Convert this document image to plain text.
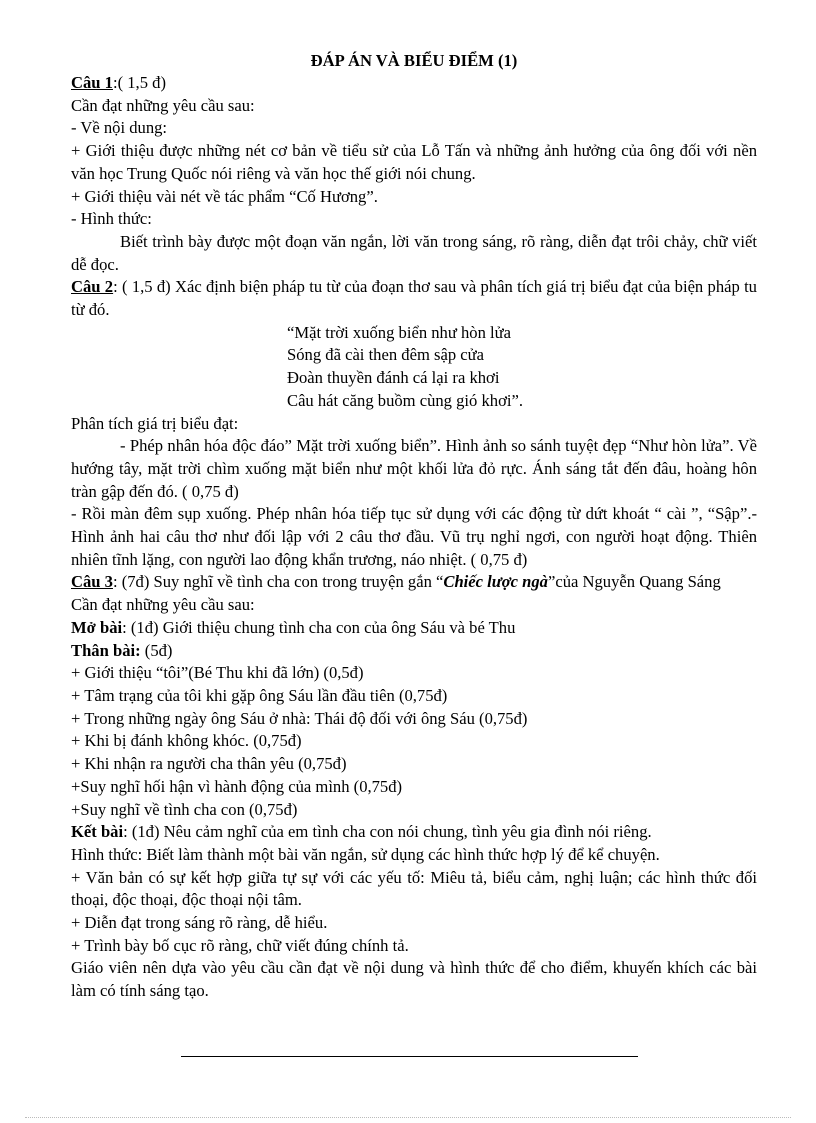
ĐÁP ÁN VÀ BIỂU ĐIỂM (1)

Câu 1:( 1,5 đ)

Cần đạt những yêu cầu sau:

- Về nội dung:

+ Giới thiệu được những nét cơ bản về tiểu sử của Lỗ Tấn và những ảnh hưởng của ông đối với nền văn học Trung Quốc nói riêng và văn học thế giới nói chung.

+ Giới thiệu vài nét về tác phẩm “Cố Hương”.

- Hình thức:

Biết trình bày được một đoạn văn ngắn, lời văn trong sáng, rõ ràng, diễn đạt trôi chảy, chữ viết dễ đọc.

Câu 2: ( 1,5 đ) Xác định biện pháp tu từ của đoạn thơ sau và phân tích giá trị biểu đạt của biện pháp tu từ đó.

“Mặt trời xuống biển như hòn lửa

Sóng đã cài then đêm sập cửa

Đoàn thuyền đánh cá lại ra khơi

Câu hát căng buồm cùng gió khơi”.

Phân tích giá trị biểu đạt:

- Phép nhân hóa độc đáo” Mặt trời xuống biển”. Hình ảnh so sánh tuyệt đẹp “Như hòn lửa”. Về hướng tây, mặt trời chìm xuống mặt biển như một khối lửa đỏ rực. Ánh sáng tắt đến đâu, hoàng hôn tràn gập đến đó. ( 0,75 đ)

- Rồi màn đêm sụp xuống. Phép nhân hóa tiếp tục sử dụng với các động từ dứt khoát “ cài ”, “Sập”.- Hình ảnh hai câu thơ như đối lập với 2 câu thơ đầu. Vũ trụ nghỉ ngơi, con người hoạt động. Thiên nhiên tĩnh lặng, con người lao động khẩn trương, náo nhiệt. ( 0,75 đ)

Câu 3: (7đ) Suy nghĩ về tình cha con trong truyện gắn “Chiếc lược ngà”của Nguyễn Quang Sáng

Cần đạt những yêu cầu sau:

Mở bài: (1đ) Giới thiệu chung tình cha con của ông Sáu và bé Thu

Thân bài: (5đ)

+ Giới thiệu “tôi”(Bé Thu khi đã lớn) (0,5đ)

+ Tâm trạng của tôi khi gặp ông Sáu lần đầu tiên (0,75đ)

+ Trong những ngày ông Sáu ở nhà: Thái độ đối với ông Sáu (0,75đ)

+ Khi bị đánh không khóc. (0,75đ)

+ Khi nhận ra người cha thân yêu (0,75đ)

+Suy nghĩ hối hận vì hành động của mình (0,75đ)

+Suy nghĩ về tình cha con (0,75đ)

Kết bài: (1đ) Nêu cảm nghĩ của em tình cha con nói chung, tình yêu gia đình nói riêng.

Hình thức: Biết làm thành một bài văn ngắn, sử dụng các hình thức hợp lý để kể chuyện.

+ Văn bản có sự kết hợp giữa tự sự với các yếu tố: Miêu tả, biểu cảm, nghị luận; các hình thức đối thoại, độc thoại, độc thoại nội tâm.

+ Diễn đạt trong sáng rõ ràng, dễ hiểu.

+ Trình bày bố cục rõ ràng, chữ viết đúng chính tả.

Giáo viên nên dựa vào yêu cầu cần đạt về nội dung và hình thức để cho điểm, khuyến khích các bài làm có tính sáng tạo.
